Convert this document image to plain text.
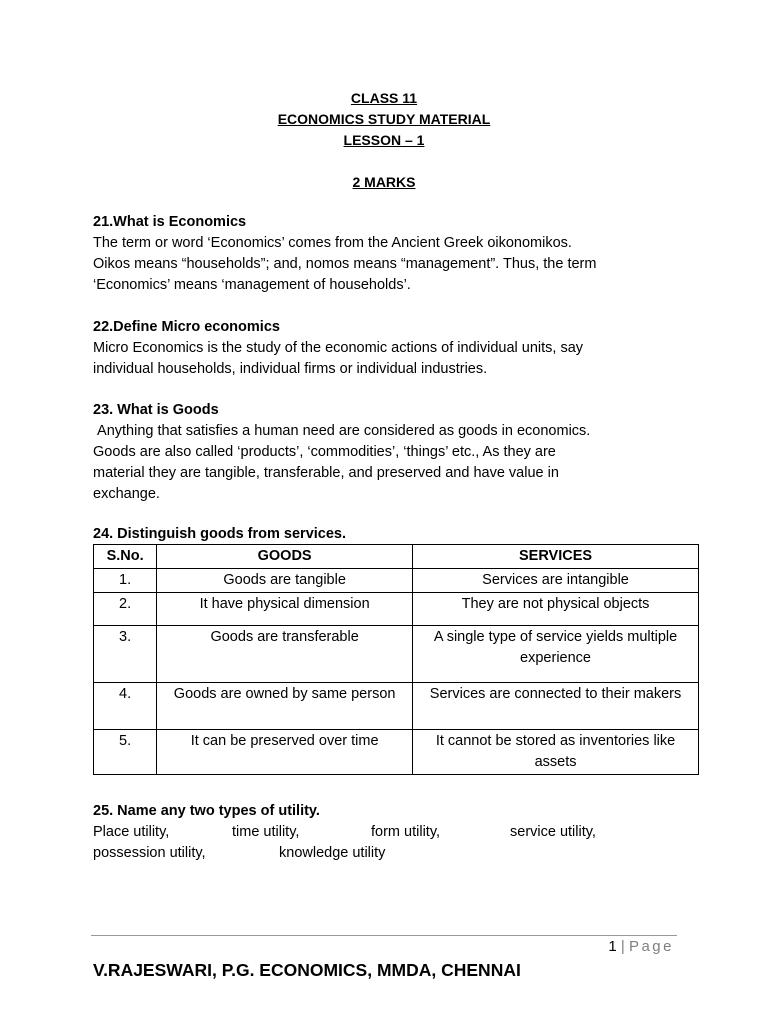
CLASS 11
ECONOMICS STUDY MATERIAL
LESSON – 1
2 MARKS
21.What is Economics
The term or word ‘Economics’ comes from the Ancient Greek oikonomikos.
Oikos means “households”; and, nomos means “management”. Thus, the term
‘Economics’ means ‘management of households’.
22.Define Micro economics
Micro Economics is the study of the economic actions of individual units, say
individual households, individual firms or individual industries.
23. What is Goods
Anything that satisfies a human need are considered as goods in economics.
Goods are also called ‘products’, ‘commodities’, ‘things’ etc., As they are
material they are tangible, transferable, and preserved and have value in
exchange.
24. Distinguish goods from services.
S.No.	GOODS	SERVICES
1.	Goods are tangible	Services are intangible
2.	It have physical dimension	They are not physical objects
3.	Goods are transferable	A single type of service yields multiple experience
4.	Goods are owned by same person	Services are connected to their makers
5.	It can be preserved over time	It cannot be stored as inventories like assets
25. Name any two types of utility.
Place utility,	time utility,	form utility,	service utility,
possession utility,	knowledge utility
1 | Page
V.RAJESWARI, P.G. ECONOMICS, MMDA, CHENNAI
